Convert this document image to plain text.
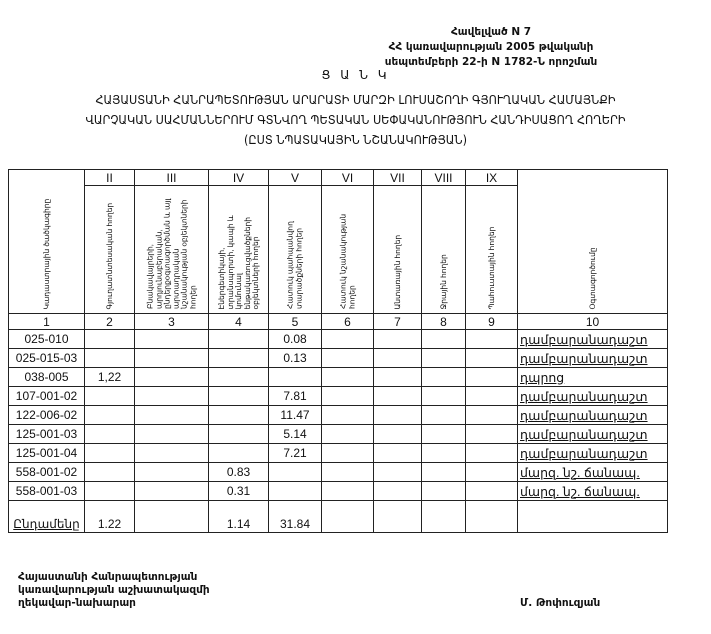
Հավելված N 7
ՀՀ կառավարության 2005 թվականի
սեպտեմբերի 22-ի N 1782-Ն որոշման
Ց Ա Ն Կ
ՀԱՅԱՍՏԱՆԻ ՀԱՆՐԱՊԵՏՈՒԹՅԱՆ ԱՐԱՐԱՏԻ ՄԱՐԶԻ ԼՈՒՍԱՇՈՂԻ ԳՅՈՒՂԱԿԱՆ ՀԱՄԱՅՆՔԻ
ՎԱՐՉԱԿԱՆ ՍԱՀՄԱՆՆԵՐՈՒՄ ԳՏՆՎՈՂ ՊԵՏԱԿԱՆ ՍԵՓԱԿԱՆՈՒԹՅՈՒՆ ՀԱՆԴԻՍԱՑՈՂ ՀՈՂԵՐԻ
(ԸՍՏ ՆՊԱՏԱԿԱՅԻՆ ՆՇԱՆԱԿՈՒԹՅԱՆ)
Կադաստրային ծածկագիրը	II	III	IV	V	VI	VII	VIII	IX	Օգտագործումը

	Գյուղատնտեսական հողեր	Բնակավայրերի, արդյունաբերական, ընդերքօգտագործման և այլ արտադրական նշանակության օբյեկտների հողեր	Էներգետիկայի, տրանսպորտի, կապի և կոմունալ ենթակառուցվածքների օբյեկտների հողեր	Հատուկ պահպանվող տարածքների հողեր	Հատուկ նշանակության հողեր	Անտառային հողեր	Ջրային հողեր	Պահուստային հողեր	

1	2	3	4	5	6	7	8	9	10
025-010				0.08					դամբարանադաշտ
025-015-03				0.13					դամբարանադաշտ
038-005	1,22								դպրոց
107-001-02				7.81					դամբարանադաշտ
122-006-02				11.47					դամբարանադաշտ
125-001-03				5.14					դամբարանադաշտ
125-001-04				7.21					դամբարանադաշտ
558-001-02			0.83						մարզ. նշ. ճանապ.
558-001-03			0.31						մարզ. նշ. ճանապ.
Ընդամենը	1.22		1.14	31.84					
Հայաստանի Հանրապետության
կառավարության աշխատակազմի
ղեկավար-նախարար	Մ. Թոփուզյան
